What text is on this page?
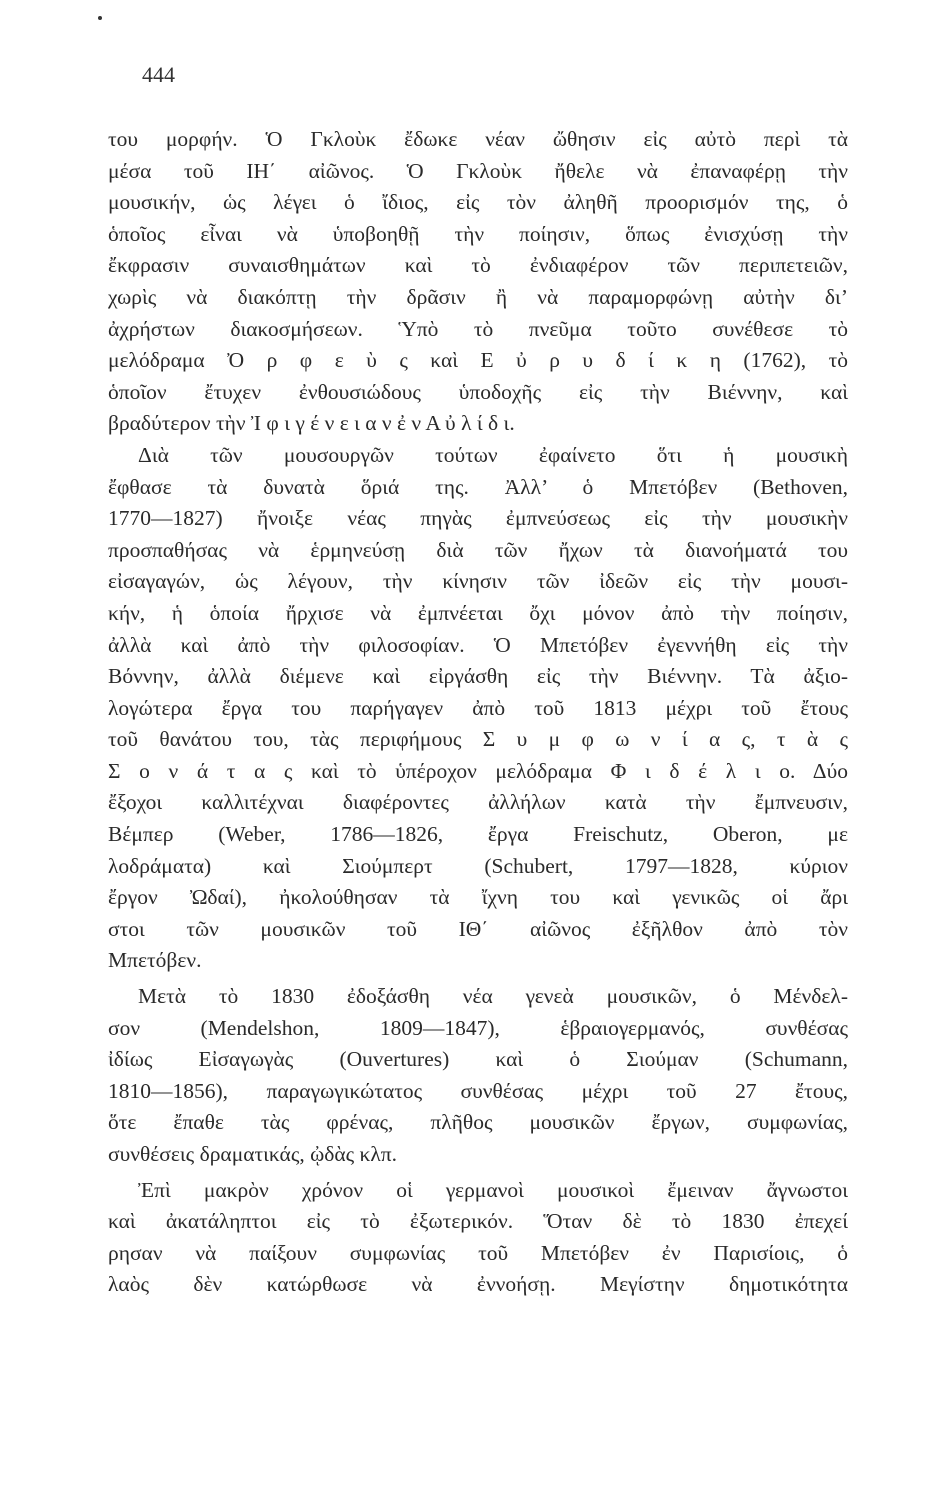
444
του μορφήν. Ὁ Γκλοὺκ ἔδωκε νέαν ὤθησιν εἰς αὐτὸ περὶ τὰ
μέσα τοῦ ΙΗ΄ αἰῶνος. Ὁ Γκλοὺκ ἤθελε νὰ ἐπαναφέρῃ τὴν
μουσικήν, ὡς λέγει ὁ ἴδιος, εἰς τὸν ἀληθῆ προορισμόν της, ὁ
ὁποῖος εἶναι νὰ ὑποβοηθῇ τὴν ποίησιν, ὅπως ἐνισχύσῃ τὴν
ἔκφρασιν συναισθημάτων καὶ τὸ ἐνδιαφέρον τῶν περιπετειῶν,
χωρὶς νὰ διακόπτῃ τὴν δρᾶσιν ἢ νὰ παραμορφώνῃ αὐτὴν δι’
ἀχρήστων διακοσμήσεων. Ὑπὸ τὸ πνεῦμα τοῦτο συνέθεσε τὸ
μελόδραμα Ὀ ρ φ ε ὺ ς καὶ Ε ὐ ρ υ δ ί κ η (1762), τὸ
ὁποῖον ἔτυχεν ἐνθουσιώδους ὑποδοχῆς εἰς τὴν Βιέννην, καὶ
βραδύτερον τὴν Ἰ φ ι γ έ ν ε ι α ν ἐ ν Α ὐ λ ί δ ι.
Διὰ τῶν μουσουργῶν τούτων ἐφαίνετο ὅτι ἡ μουσικὴ
ἔφθασε τὰ δυνατὰ ὅριά της. Ἀλλ’ ὁ Μπετόβεν (Bethoven,
1770—1827) ἤνοιξε νέας πηγὰς ἐμπνεύσεως εἰς τὴν μουσικὴν
προσπαθήσας νὰ ἑρμηνεύσῃ διὰ τῶν ἤχων τὰ διανοήματά του
εἰσαγαγών, ὡς λέγουν, τὴν κίνησιν τῶν ἰδεῶν εἰς τὴν μουσι-
κήν, ἡ ὁποία ἤρχισε νὰ ἐμπνέεται ὄχι μόνον ἀπὸ τὴν ποίησιν,
ἀλλὰ καὶ ἀπὸ τὴν φιλοσοφίαν. Ὁ Μπετόβεν ἐγεννήθη εἰς τὴν
Βόννην, ἀλλὰ διέμενε καὶ εἰργάσθη εἰς τὴν Βιέννην. Τὰ ἀξιο-
λογώτερα ἔργα του παρήγαγεν ἀπὸ τοῦ 1813 μέχρι τοῦ ἔτους
τοῦ θανάτου του, τὰς περιφήμους Σ υ μ φ ω ν ί α ς, τ ὰ ς
Σ ο ν ά τ α ς καὶ τὸ ὑπέροχον μελόδραμα Φ ι δ έ λ ι ο. Δύο
ἔξοχοι καλλιτέχναι διαφέροντες ἀλλήλων κατὰ τὴν ἔμπνευσιν,
Βέμπερ (Weber, 1786—1826, ἔργα Freischutz, Oberon, με
λοδράματα) καὶ Σιούμπερτ (Schubert, 1797—1828, κύριον
ἔργον Ὠδαί), ἠκολούθησαν τὰ ἴχνη του καὶ γενικῶς οἱ ἄρι
στοι τῶν μουσικῶν τοῦ ΙΘ΄ αἰῶνος ἐξῆλθον ἀπὸ τὸν
Μπετόβεν.
Μετὰ τὸ 1830 ἐδοξάσθη νέα γενεὰ μουσικῶν, ὁ Μένδελ-
σον (Mendelshon, 1809—1847), ἑβραιογερμανός, συνθέσας
ἰδίως Εἰσαγωγὰς (Ouvertures) καὶ ὁ Σιούμαν (Schumann,
1810—1856), παραγωγικώτατος συνθέσας μέχρι τοῦ 27 ἔτους,
ὅτε ἔπαθε τὰς φρένας, πλῆθος μουσικῶν ἔργων, συμφωνίας,
συνθέσεις δραματικάς, ᾠδὰς κλπ.
Ἐπὶ μακρὸν χρόνον οἱ γερμανοὶ μουσικοὶ ἔμειναν ἄγνωστοι
καὶ ἀκατάληπτοι εἰς τὸ ἐξωτερικόν. Ὅταν δὲ τὸ 1830 ἐπεχεί
ρησαν νὰ παίξουν συμφωνίας τοῦ Μπετόβεν ἐν Παρισίοις, ὁ
λαὸς δὲν κατώρθωσε νὰ ἐννοήσῃ. Μεγίστην δημοτικότητα
